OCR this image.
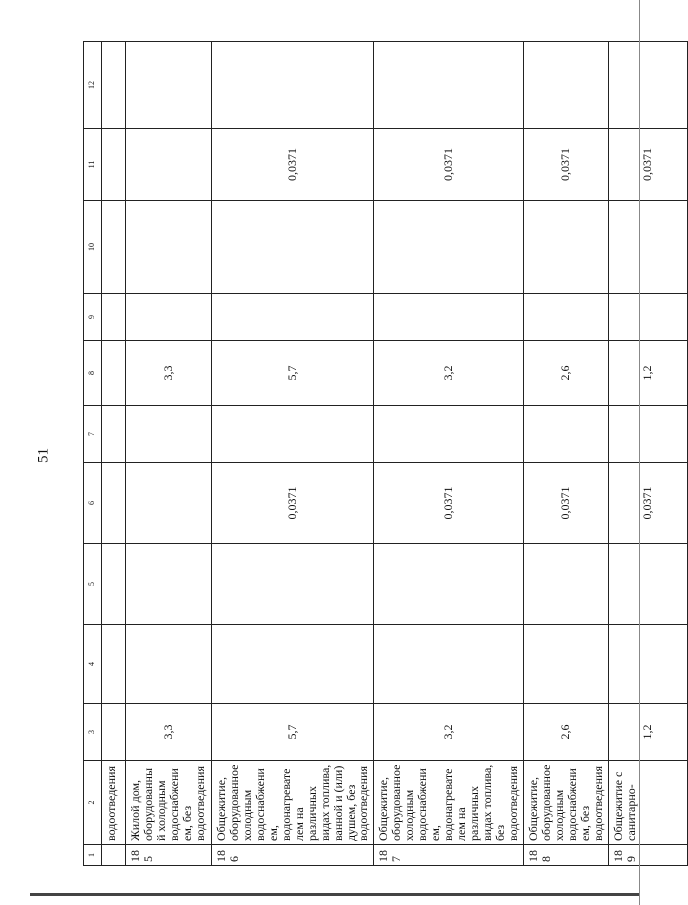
51
1	2	3	4	5	6	7	8	9	10	11	12
	водоотведения										
185	Жилой дом, оборудованный холодным водоснабжением, без водоотведения	3,3					3,3				
186	Общежитие, оборудованное холодным водоснабжением, водонагревателем на различных видах топлива, ванной и (или) душем, без водоотведения	5,7			0,0371		5,7			0,0371	
187	Общежитие, оборудованное холодным водоснабжением, водонагревателем на различных видах топлива, без водоотведения	3,2			0,0371		3,2			0,0371	
188	Общежитие, оборудованное холодным водоснабжением, без водоотведения	2,6			0,0371		2,6			0,0371	
189	Общежитие с санитарно-	1,2			0,0371		1,2			0,0371	
